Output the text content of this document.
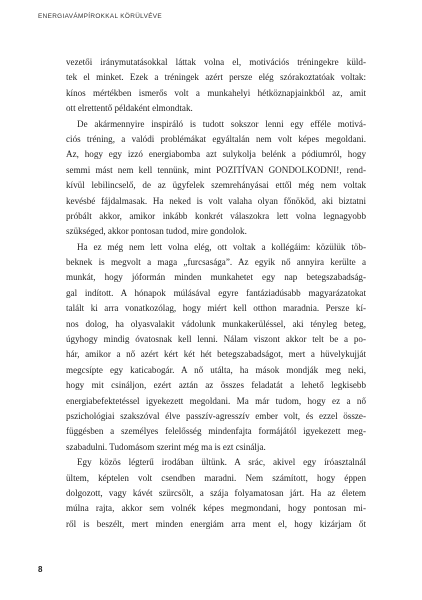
ENERGIAVÁMPÍROKKAL KÖRÜLVÉVE
vezetői iránymutatásokkal láttak volna el, motivációs tréningekre küld-
tek el minket. Ezek a tréningek azért persze elég szórakoztatóak voltak:
kínos mértékben ismerős volt a munkahelyi hétköznapjainkból az, amit
ott elrettentő példaként elmondtak.
De akármennyire inspiráló is tudott sokszor lenni egy efféle motivá-
ciós tréning, a valódi problémákat egyáltalán nem volt képes megoldani.
Az, hogy egy izzó energiabomba azt sulykolja belénk a pódiumról, hogy
semmi mást nem kell tennünk, mint POZITÍVAN GONDOLKODNI!, rend-
kívül lebilincselő, de az ügyfelek szemrehányásai ettől még nem voltak
kevésbé fájdalmasak. Ha neked is volt valaha olyan főnököd, aki biztatni
próbált akkor, amikor inkább konkrét válaszokra lett volna legnagyobb
szükséged, akkor pontosan tudod, mire gondolok.
Ha ez még nem lett volna elég, ott voltak a kollégáim: közülük töb-
beknek is megvolt a maga „furcsasága”. Az egyik nő annyira kerülte a
munkát, hogy jóformán minden munkahetet egy nap betegszabadság-
gal indított. A hónapok múlásával egyre fantáziadúsabb magyarázatokat
talált ki arra vonatkozólag, hogy miért kell otthon maradnia. Persze kí-
nos dolog, ha olyasvalakit vádolunk munkakerüléssel, aki tényleg beteg,
úgyhogy mindig óvatosnak kell lenni. Nálam viszont akkor telt be a po-
hár, amikor a nő azért kért két hét betegszabadságot, mert a hüvelykujját
megcsípte egy katicabogár. A nő utálta, ha mások mondják meg neki,
hogy mit csináljon, ezért aztán az összes feladatát a lehető legkisebb
energiabefektetéssel igyekezett megoldani. Ma már tudom, hogy ez a nő
pszichológiai szakszóval élve passzív-agresszív ember volt, és ezzel össze-
függésben a személyes felelősség mindenfajta formájától igyekezett meg-
szabadulni. Tudomásom szerint még ma is ezt csinálja.
Egy közös légterű irodában ültünk. A srác, akivel egy íróasztalnál
ültem, képtelen volt csendben maradni. Nem számított, hogy éppen
dolgozott, vagy kávét szürcsölt, a szája folyamatosan járt. Ha az életem
múlna rajta, akkor sem volnék képes megmondani, hogy pontosan mi-
ről is beszélt, mert minden energiám arra ment el, hogy kizárjam őt
8
